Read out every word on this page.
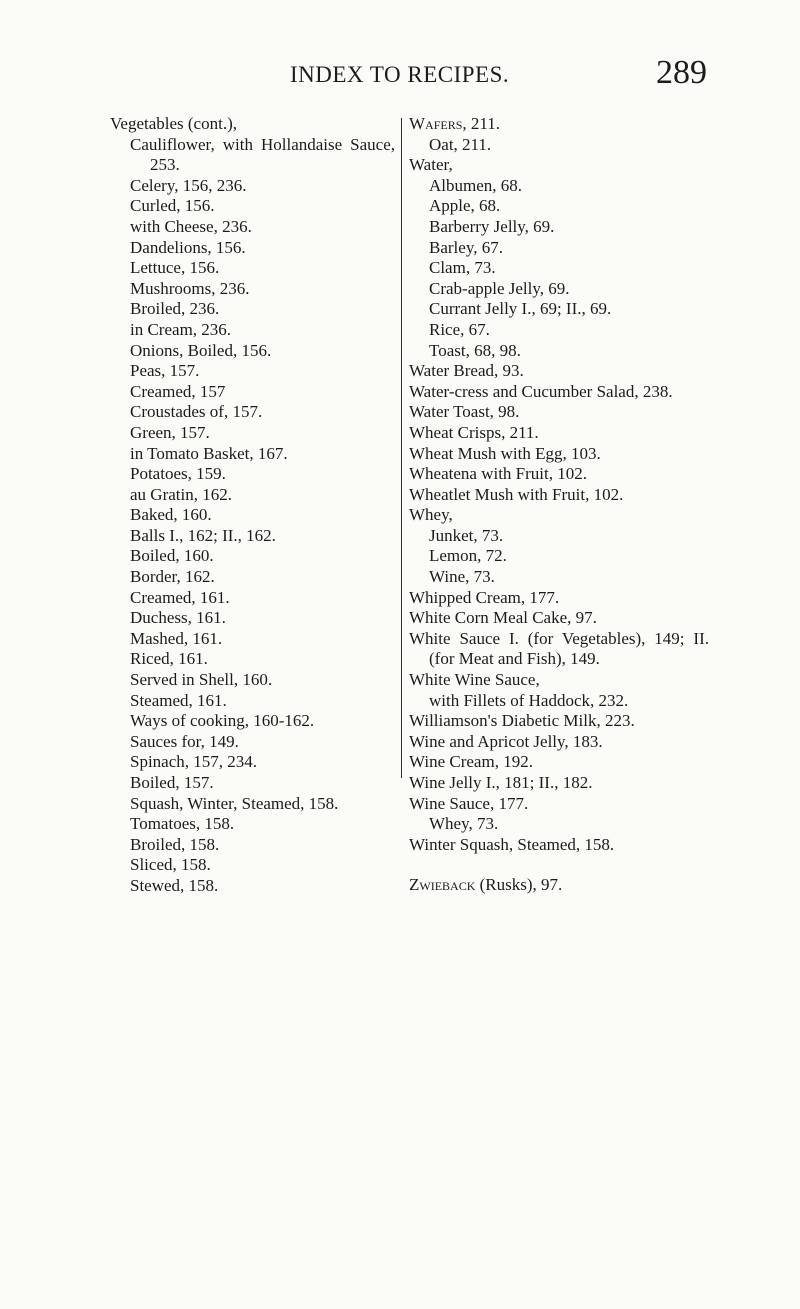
INDEX TO RECIPES.	289
Vegetables (cont.),
Cauliflower, with Hollandaise Sauce, 253.
Celery, 156, 236.
Curled, 156.
with Cheese, 236.
Dandelions, 156.
Lettuce, 156.
Mushrooms, 236.
Broiled, 236.
in Cream, 236.
Onions, Boiled, 156.
Peas, 157.
Creamed, 157
Croustades of, 157.
Green, 157.
in Tomato Basket, 167.
Potatoes, 159.
au Gratin, 162.
Baked, 160.
Balls I., 162; II., 162.
Boiled, 160.
Border, 162.
Creamed, 161.
Duchess, 161.
Mashed, 161.
Riced, 161.
Served in Shell, 160.
Steamed, 161.
Ways of cooking, 160-162.
Sauces for, 149.
Spinach, 157, 234.
Boiled, 157.
Squash, Winter, Steamed, 158.
Tomatoes, 158.
Broiled, 158.
Sliced, 158.
Stewed, 158.
Wafers, 211.
Oat, 211.
Water,
Albumen, 68.
Apple, 68.
Barberry Jelly, 69.
Barley, 67.
Clam, 73.
Crab-apple Jelly, 69.
Currant Jelly I., 69; II., 69.
Rice, 67.
Toast, 68, 98.
Water Bread, 93.
Water-cress and Cucumber Salad, 238.
Water Toast, 98.
Wheat Crisps, 211.
Wheat Mush with Egg, 103.
Wheatena with Fruit, 102.
Wheatlet Mush with Fruit, 102.
Whey,
Junket, 73.
Lemon, 72.
Wine, 73.
Whipped Cream, 177.
White Corn Meal Cake, 97.
White Sauce I. (for Vegetables), 149; II. (for Meat and Fish), 149.
White Wine Sauce,
with Fillets of Haddock, 232.
Williamson's Diabetic Milk, 223.
Wine and Apricot Jelly, 183.
Wine Cream, 192.
Wine Jelly I., 181; II., 182.
Wine Sauce, 177.
Whey, 73.
Winter Squash, Steamed, 158.
Zwieback (Rusks), 97.
